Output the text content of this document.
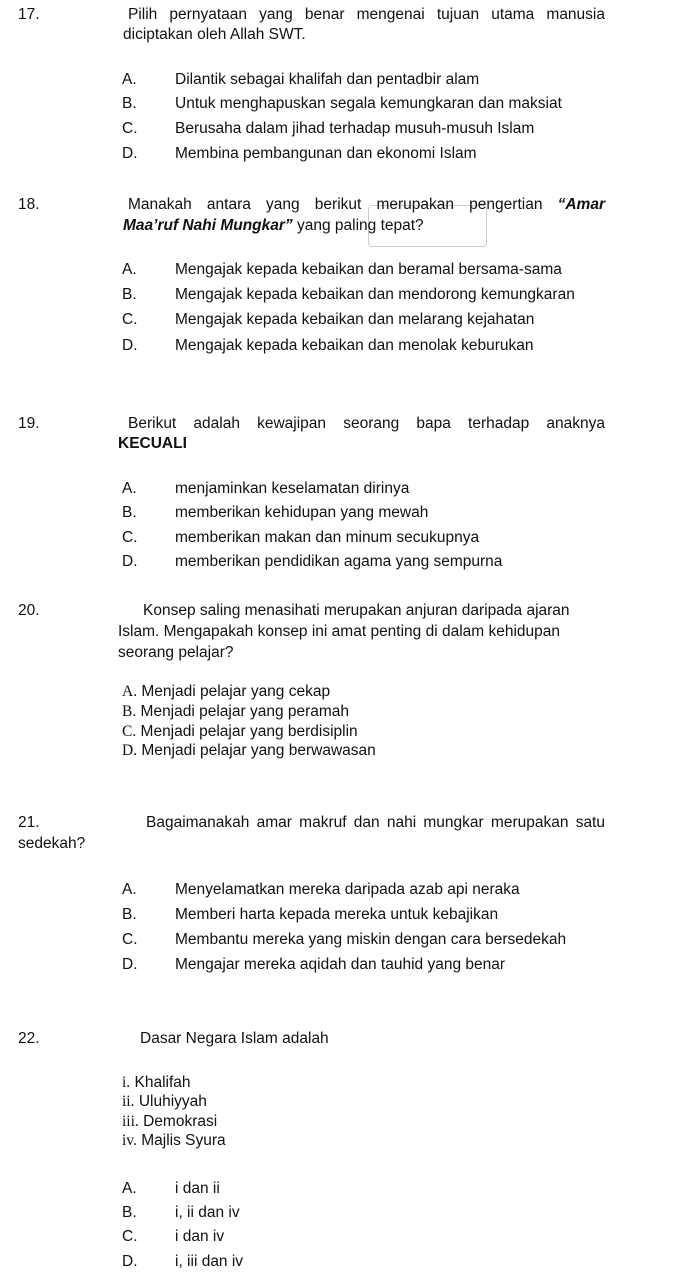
17.	Pilih pernyataan yang benar mengenai tujuan utama manusia
diciptakan oleh Allah SWT.
A. Dilantik sebagai khalifah dan pentadbir alam
B. Untuk menghapuskan segala kemungkaran dan maksiat
C. Berusaha dalam jihad terhadap musuh-musuh Islam
D. Membina pembangunan dan ekonomi Islam
18.	Manakah antara yang berikut merupakan pengertian “Amar
Maa’ruf Nahi Mungkar” yang paling tepat?
A. Mengajak kepada kebaikan dan beramal bersama-sama
B. Mengajak kepada kebaikan dan mendorong kemungkaran
C. Mengajak kepada kebaikan dan melarang kejahatan
D. Mengajak kepada kebaikan dan menolak keburukan
19.	Berikut adalah kewajipan seorang bapa terhadap anaknya
KECUALI
A. menjaminkan keselamatan dirinya
B. memberikan kehidupan yang mewah
C. memberikan makan dan minum secukupnya
D. memberikan pendidikan agama yang sempurna
20.	Konsep saling menasihati merupakan anjuran daripada ajaran
Islam. Mengapakah konsep ini amat penting di dalam kehidupan
seorang pelajar?
A. Menjadi pelajar yang cekap
B. Menjadi pelajar yang peramah
C. Menjadi pelajar yang berdisiplin
D. Menjadi pelajar yang berwawasan
21.	Bagaimanakah amar makruf dan nahi mungkar merupakan satu
sedekah?
A. Menyelamatkan mereka daripada azab api neraka
B. Memberi harta kepada mereka untuk kebajikan
C. Membantu mereka yang miskin dengan cara bersedekah
D. Mengajar mereka aqidah dan tauhid yang benar
22.	Dasar Negara Islam adalah
i. Khalifah
ii. Uluhiyyah
iii. Demokrasi
iv. Majlis Syura
A. i dan ii
B. i, ii dan iv
C. i dan iv
D. i, iii dan iv
